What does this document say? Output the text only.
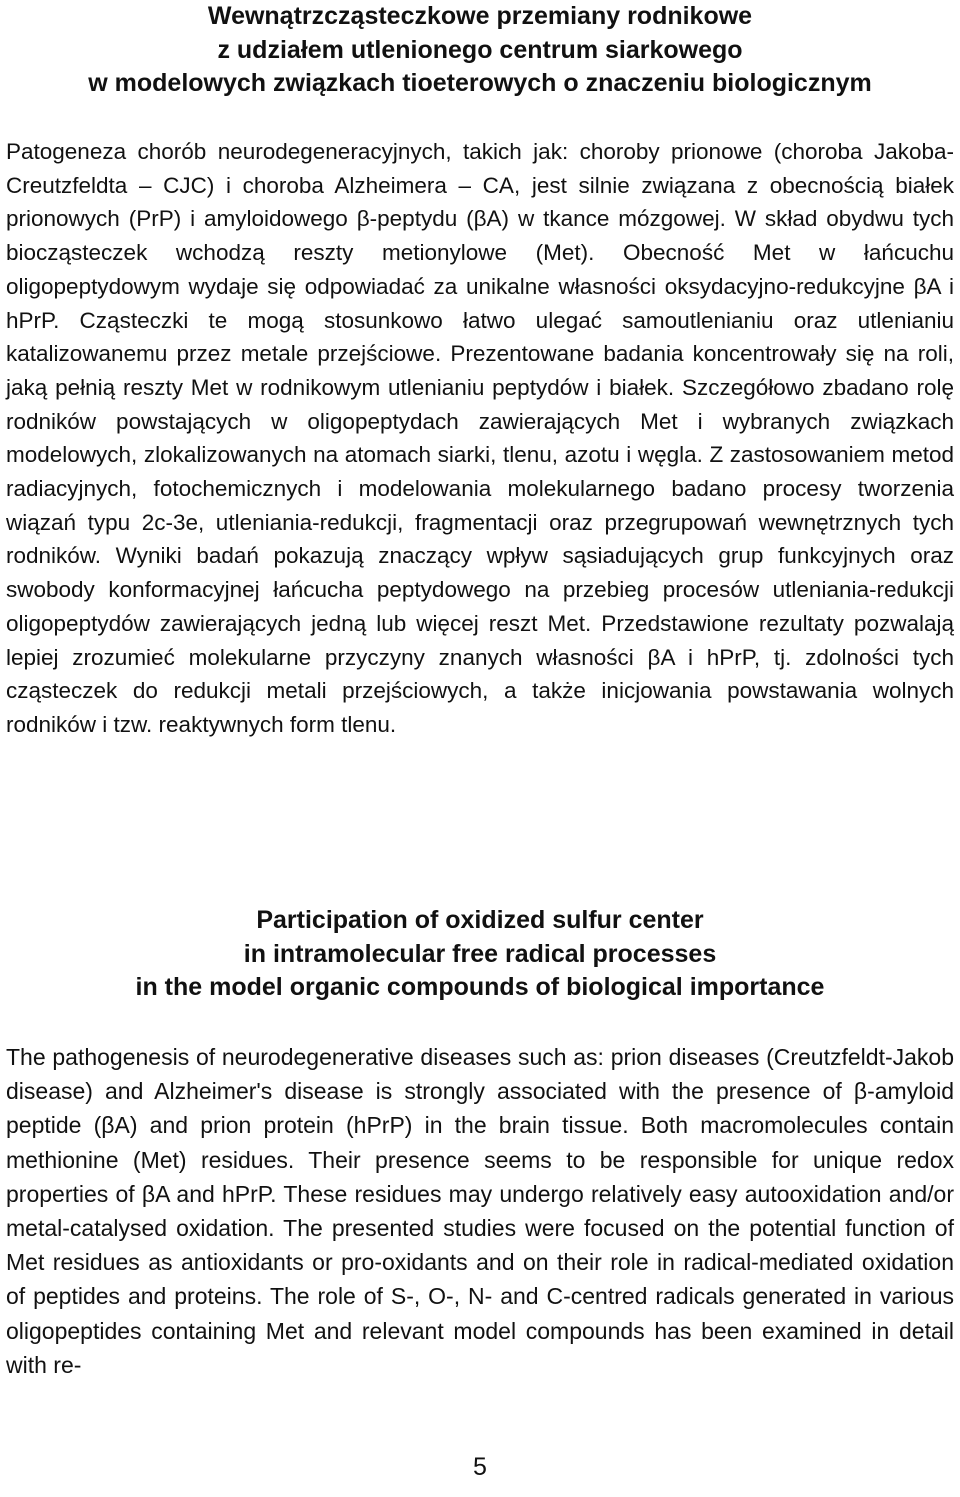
Wewnątrzcząsteczkowe przemiany rodnikowe
z udziałem utlenionego centrum siarkowego
w modelowych związkach tioeterowych o znaczeniu biologicznym

Patogeneza chorób neurodegeneracyjnych, takich jak: choroby prionowe (choroba Jakoba-Creutzfeldta – CJC) i choroba Alzheimera – CA, jest silnie związana z obecnością białek prionowych (PrP) i amyloidowego β-peptydu (βA) w tkance mózgowej. W skład obydwu tych biocząsteczek wchodzą reszty metionylowe (Met). Obecność Met w łańcuchu oligopeptydowym wydaje się odpowiadać za unikalne własności oksydacyjno-redukcyjne βA i hPrP. Cząsteczki te mogą stosunkowo łatwo ulegać samoutlenianiu oraz utlenianiu katalizowanemu przez metale przejściowe. Prezentowane badania koncentrowały się na roli, jaką pełnią reszty Met w rodnikowym utlenianiu peptydów i białek. Szczegółowo zbadano rolę rodników powstających w oligopeptydach zawierających Met i wybranych związkach modelowych, zlokalizowanych na atomach siarki, tlenu, azotu i węgla. Z zastosowaniem metod radiacyjnych, fotochemicznych i modelowania molekularnego badano procesy tworzenia wiązań typu 2c-3e, utleniania-redukcji, fragmentacji oraz przegrupowań wewnętrznych tych rodników. Wyniki badań pokazują znaczący wpływ sąsiadujących grup funkcyjnych oraz swobody konformacyjnej łańcucha peptydowego na przebieg procesów utleniania-redukcji oligopeptydów zawierających jedną lub więcej reszt Met. Przedstawione rezultaty pozwalają lepiej zrozumieć molekularne przyczyny znanych własności βA i hPrP, tj. zdolności tych cząsteczek do redukcji metali przejściowych, a także inicjowania powstawania wolnych rodników i tzw. reaktywnych form tlenu.

Participation of oxidized sulfur center
in intramolecular free radical processes
in the model organic compounds of biological importance

The pathogenesis of neurodegenerative diseases such as: prion diseases (Creutzfeldt-Jakob disease) and Alzheimer's disease is strongly associated with the presence of β-amyloid peptide (βA) and prion protein (hPrP) in the brain tissue. Both macromolecules contain methionine (Met) residues. Their presence seems to be responsible for unique redox properties of βA and hPrP. These residues may undergo relatively easy autooxidation and/or metal-catalysed oxidation. The presented studies were focused on the potential function of Met residues as antioxidants or pro-oxidants and on their role in radical-mediated oxidation of peptides and proteins. The role of S-, O-, N- and C-centred radicals generated in various oligopeptides containing Met and relevant model compounds has been examined in detail with re-

5
